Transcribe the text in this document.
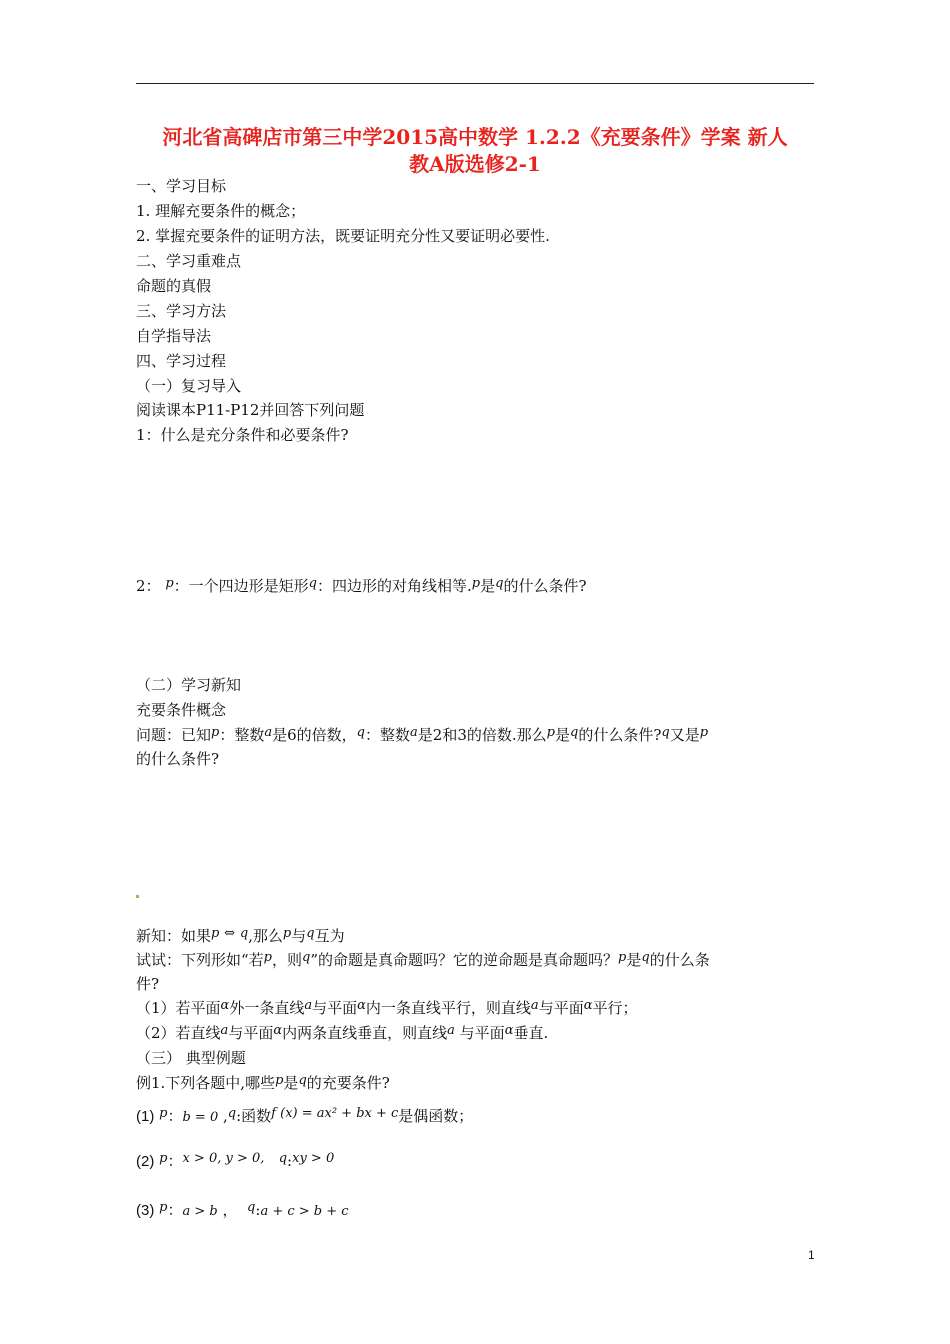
河北省高碑店市第三中学2015高中数学 1.2.2《充要条件》学案 新人
教A版选修2-1
一、学习目标
1. 理解充要条件的概念；
2. 掌握充要条件的证明方法，既要证明充分性又要证明必要性.
二、学习重难点
命题的真假
三、学习方法
自学指导法
四、学习过程
（一）复习导入
阅读课本P11-P12并回答下列问题
1：什么是充分条件和必要条件?
2： p：一个四边形是矩形q：四边形的对角线相等.p是q的什么条件?
（二）学习新知
充要条件概念
问题：已知p：整数a是6的倍数，q：整数a是2和3的倍数.那么p是q的什么条件?q又是p
的什么条件?
新知：如果p ⇔ q,那么p与q互为
试试：下列形如“若p，则q”的命题是真命题吗？它的逆命题是真命题吗？p是q的什么条
件?
（1）若平面α外一条直线a与平面α内一条直线平行，则直线a与平面α平行；
（2）若直线a与平面α内两条直线垂直，则直线a 与平面α垂直.
（三） 典型例题
例1.下列各题中,哪些p是q的充要条件?
(1) p：b = 0 ,q:函数f (x) = ax² + bx + c是偶函数；
(2) p：x > 0, y > 0, q:xy > 0
(3) p：a > b ， q:a + c > b + c
1
